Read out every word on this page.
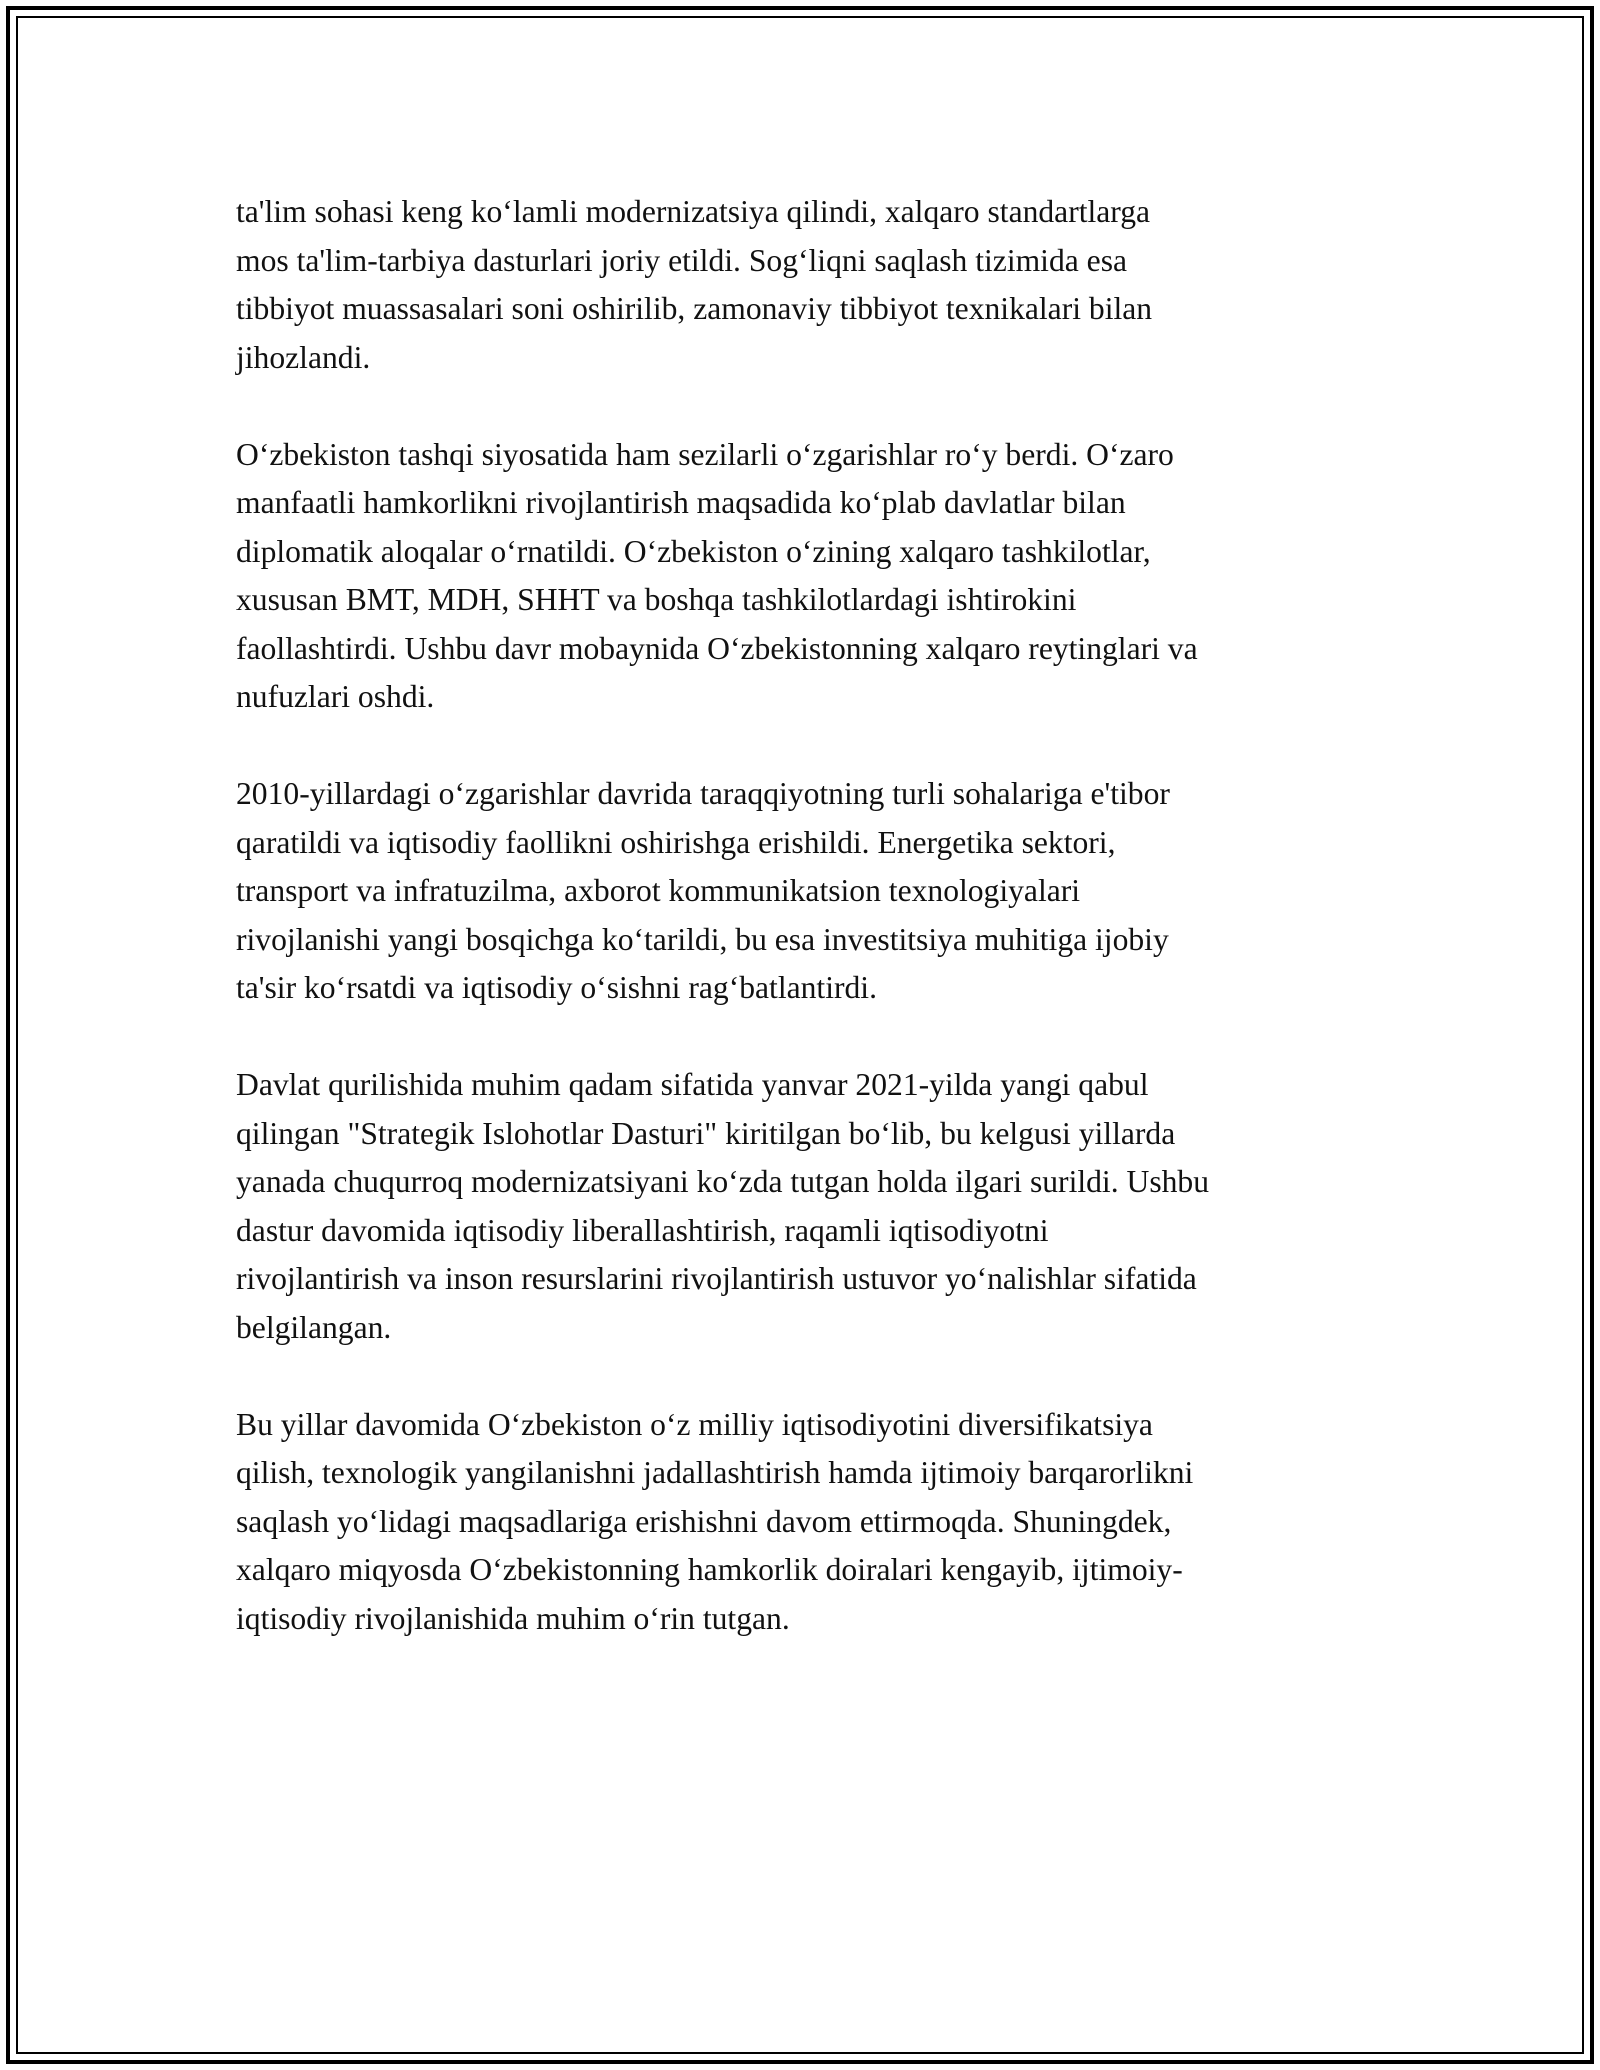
ta'lim sohasi keng ko‘lamli modernizatsiya qilindi, xalqaro standartlarga
mos ta'lim-tarbiya dasturlari joriy etildi. Sog‘liqni saqlash tizimida esa
tibbiyot muassasalari soni oshirilib, zamonaviy tibbiyot texnikalari bilan
jihozlandi.

O‘zbekiston tashqi siyosatida ham sezilarli o‘zgarishlar ro‘y berdi. O‘zaro
manfaatli hamkorlikni rivojlantirish maqsadida ko‘plab davlatlar bilan
diplomatik aloqalar o‘rnatildi. O‘zbekiston o‘zining xalqaro tashkilotlar,
xususan BMT, MDH, SHHT va boshqa tashkilotlardagi ishtirokini
faollashtirdi. Ushbu davr mobaynida O‘zbekistonning xalqaro reytinglari va
nufuzlari oshdi.

2010-yillardagi o‘zgarishlar davrida taraqqiyotning turli sohalariga e'tibor
qaratildi va iqtisodiy faollikni oshirishga erishildi. Energetika sektori,
transport va infratuzilma, axborot kommunikatsion texnologiyalari
rivojlanishi yangi bosqichga ko‘tarildi, bu esa investitsiya muhitiga ijobiy
ta'sir ko‘rsatdi va iqtisodiy o‘sishni rag‘batlantirdi.

Davlat qurilishida muhim qadam sifatida yanvar 2021-yilda yangi qabul
qilingan "Strategik Islohotlar Dasturi" kiritilgan bo‘lib, bu kelgusi yillarda
yanada chuqurroq modernizatsiyani ko‘zda tutgan holda ilgari surildi. Ushbu
dastur davomida iqtisodiy liberallashtirish, raqamli iqtisodiyotni
rivojlantirish va inson resurslarini rivojlantirish ustuvor yo‘nalishlar sifatida
belgilangan.

Bu yillar davomida O‘zbekiston o‘z milliy iqtisodiyotini diversifikatsiya
qilish, texnologik yangilanishni jadallashtirish hamda ijtimoiy barqarorlikni
saqlash yo‘lidagi maqsadlariga erishishni davom ettirmoqda. Shuningdek,
xalqaro miqyosda O‘zbekistonning hamkorlik doiralari kengayib, ijtimoiy-
iqtisodiy rivojlanishida muhim o‘rin tutgan.
